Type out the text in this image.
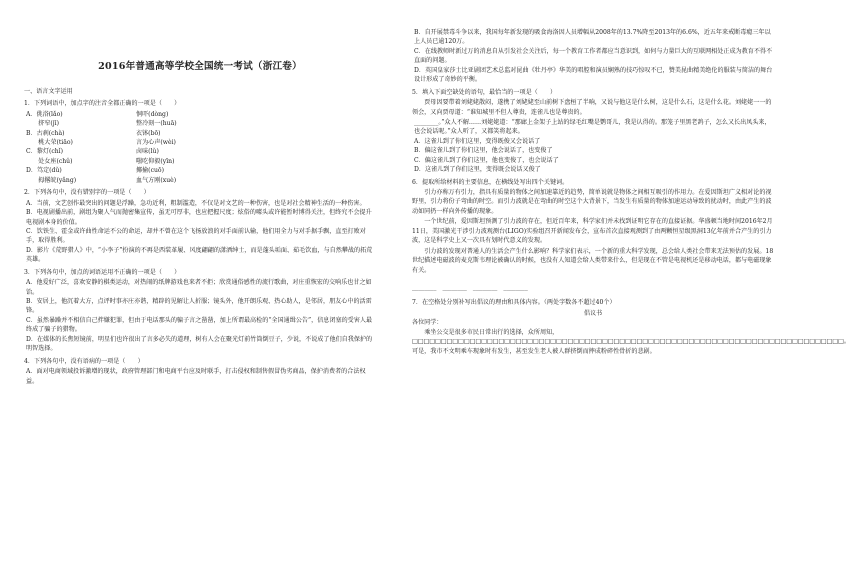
2016年普通高等学校全国统一考试（浙江卷）
一、语言文字运用
1．下列词语中，加点字的注音全都正确的一项是（　　）
A．佻浴(lǎo)	恫吓(dòng)
　　挤窄(jī)	整冷刻一(huā)
B．古刹(chà)	衣钵(bō)
　　桃大荣(tiāo)	言为心声(wèi)
C．黎灯(chǐ)	卤味(lǔ)
　　处女座(chǔ)	嗤吃仰毅(yīn)
D．笃定(dǔ)	揶揄(cuō)
　　拇撂皖(yǎng)	血气方刚(xuè)
2．下列各句中，没有错别字的一项是（　　）
A．当前，文艺创作最突出的问题是浮躁，急功近利，粗制滥造，不仅是对文艺的一种伤害，也是对社会精神生活的一种伤害。
B．电视剧播出前，剧组为聚人气而抛密集宣传，虽无可厚非，也应把握尺度；炫俗的噱头或许能暂时博得关注，但终究不会提升电视剧本身的价值。
C．饮铁生、霍金或许曲性命运不公的命运，却并不曾在这个飞扬放浪的对手面前认输，他们用全力与对手据手飘，直至打败对手，取得胜利。
D．影片《荒野猎人》中，“小李子”扮演的不再是西装革履、风度翩翩的潇洒绅士，而是蓬头垢面、茹毛饮血，与自然攀战的拓荒英雄。
3．下列各句中，加点的词语运用不正确的一项是（　　）
A．他爱好广泛，喜欢安静的棋类运动，对热闹的纸牌游戏也来者不拒；欣赏通俗感性的流行歌曲，对庄重恢宏的交响乐也甘之如饴。
B．安居上，他沉着大方，点评时事亦庄亦谐，精辟的见解让人折服；镜头外，他开朗乐观、热心助人，是邻居，朋友心中的活雷锋。
C．虽然暴躁并不相信自己拌嫌犯罪，但由于电话那头的骗子言之凿凿，加上所谓最高检的“全国通缉公告”，信息闭塞的受害人最终成了骗子的猎物。
D．在媒体的长焦短镜前，明星们也许很出了言多必失的道理，树有人会在聚光灯前竹筒倒豆子，少说，不说成了他们自我保护的明智选择。
4．下列各句中，没有语病的一项是（　　）
A．面对电商领域投诉激增的现状，政府管理部门和电商平台应及时联手，打击侵权和制售假冒伪劣商品，保护消费者的合法权益。
B．自开展禁毒斗争以来，我国每年新发现的吸食海洛因人员增幅从2008年的13.7%降至2013年的6.6%，近五年来戒断毒瘾三年以上人员已逾120万。
C．在线教师时新过万的消息自从引发社会关注后，每一个教育工作者都应当意识到，如何与力量巨大的互联网相处正成为教育不得不直面的问题。
D．英国皇家莎士比亚剧团艺术总监对昆曲《牡丹亭》华美的唱腔和演员娴熟的技巧惊叹不已，赞美昆曲精美绝伦的服装与简洁的舞台设计形成了奇妙的平衡。
5．填入下面空缺处的语句，最恰当的一项是（　　）
贾母因要带着刘姥姥散闷，遂携了刘姥姥至山前树下盘桓了半晌，又说与他这是什么树，这是什么石，这是什么花。刘姥姥一一的领会，又向贾母道：“谁知城里不但人尊贵，连雀儿也是尊贵的。
________。”众人不解……刘姥姥道：“那廊上金架子上站的绿毛红嘴是鹦哥儿，我是认得的。那笼子里黑老鸹子，怎么又长出凤头来，也会说话呢。”众人听了，又都笑将起来。
A．这雀儿到了你们这里，变得既俊又会说话了
B．偏这雀儿到了你们这里，他会说话了，也变俊了
C．偏这雀儿到了你们这里，他也变俊了，也会说话了
D．这雀儿到了你们这里，变得既会说话又俊了
6．提取所给材料的主要信息，在横线处写出四个关键词。
引力亦称万有引力，指具有质量的物体之间加速靠近的趋势，简单说就是物体之间相互吸引的作用力。在爱因斯坦广义相对论的视野里，引力将份子弯曲的时空。而引力波就是在弯曲的时空这个大背景下，当发生有质量的物体加速运动导致的扰动时，由此产生的波动如同扔一样向外传播的现象。
一个世纪前，爱因斯坦预测了引力波的存在，但近百年来，科学家们并未找到证明它存在的直接证据。华盛顿当地时间2016年2月11日，美国激光干涉引力波观测台(LIGO)实验组召开新闻发布会，宣布首次直接观测到了由两颗恒星级黑洞13亿年前并合产生的引力波，这是科学史上又一次具有划时代意义的发现。
引力波的发现对普通人的生活会产生什么影响？科学家们表示，一个新的重大科学发现，总会给人类社会带来无法预估的发展。18世纪描述电磁波的麦克斯韦理论被确认的时候，也没有人知道会给人类带来什么，但是现在不管是电视机还是移动电话，都与电磁现象有关。
________　________　________　________
7．在空格处分别补写出倡议的理由和具体内容。（两处字数各不超过40个）
倡议书
各位同学：
乘坐公交是很多市民日常出行的选择，众所周知，□□□□□□□□□□□□□□□□□□□□□□□□□□□□□□□□□□□□□□□□□□□□□□□□□□□□□□□□□□□□□□□□□□□□□□□□□□□。可是，我市不文明乘车现象时有发生，甚至发生老人被人群挤倒而摔成粉碎性骨折的悲剧。
